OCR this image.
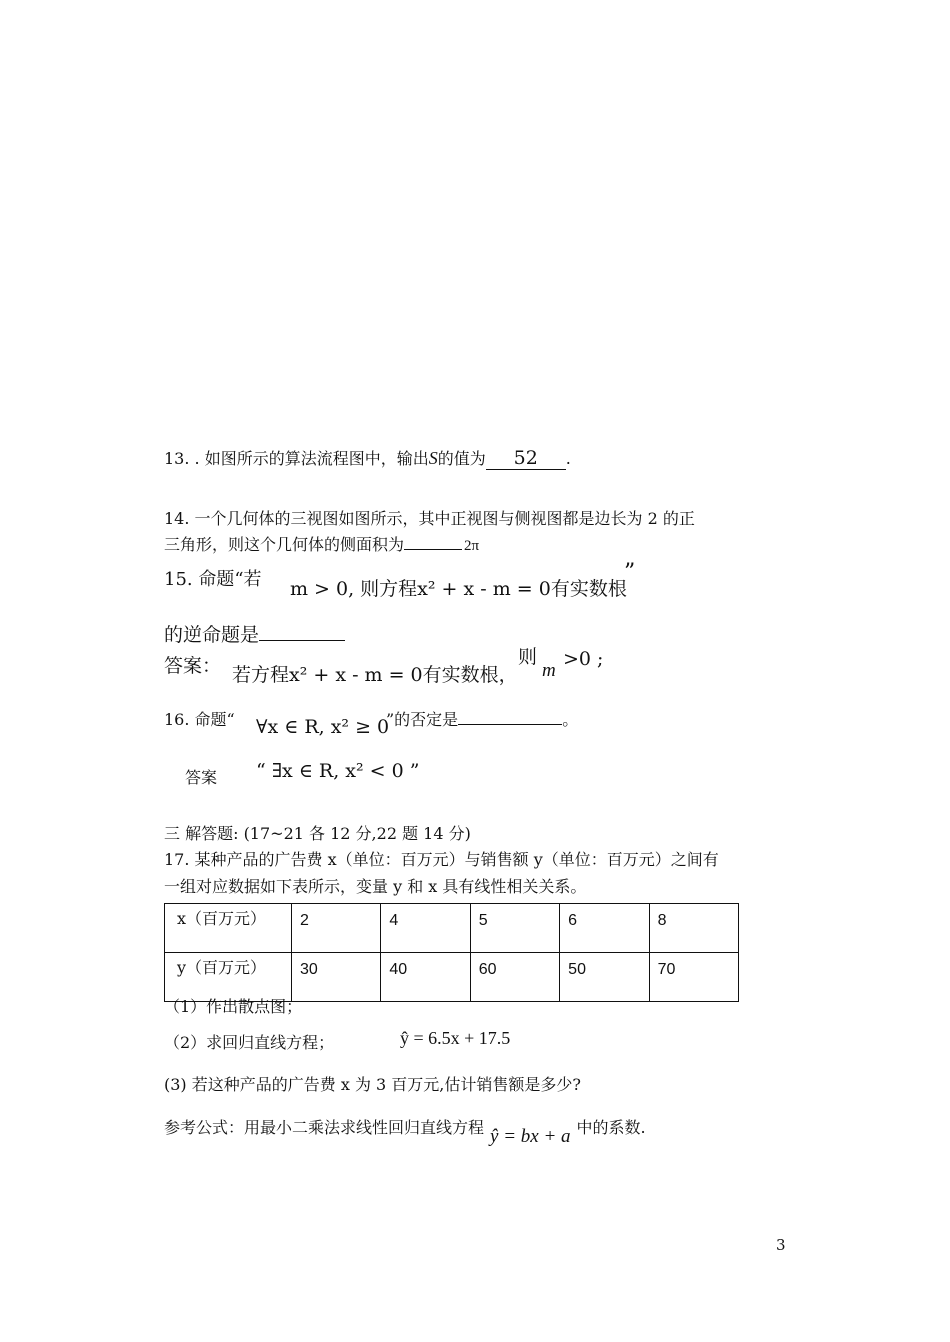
13. . 如图所示的算法流程图中，输出S的值为 52 .
14. 一个几何体的三视图如图所示，其中正视图与侧视图都是边长为 2 的正
三角形，则这个几何体的侧面积为	2π
15. 命题“若 m > 0, 则方程x² + x - m = 0有实数根
”
的逆命题是
答案： 若方程x² + x - m = 0有实数根，
则
m
>0 ;
16. 命题“ ∀x ∈ R, x² ≥ 0
”的否定是	。
答案 “ ∃x ∈ R, x² < 0 ”
三 解答题: (17~21 各 12 分,22 题 14 分)
17. 某种产品的广告费 x（单位：百万元）与销售额 y（单位：百万元）之间有
一组对应数据如下表所示，变量 y 和 x 具有线性相关关系。
x（百万元）	2	4	5	6	8
y（百万元）	30	40	60	50	70
（1）作出散点图；
（2）求回归直线方程；	ŷ = 6.5x + 17.5
(3) 若这种产品的广告费 x 为 3 百万元,估计销售额是多少?
参考公式：用最小二乘法求线性回归直线方程 ŷ = bx + a 中的系数.
3
